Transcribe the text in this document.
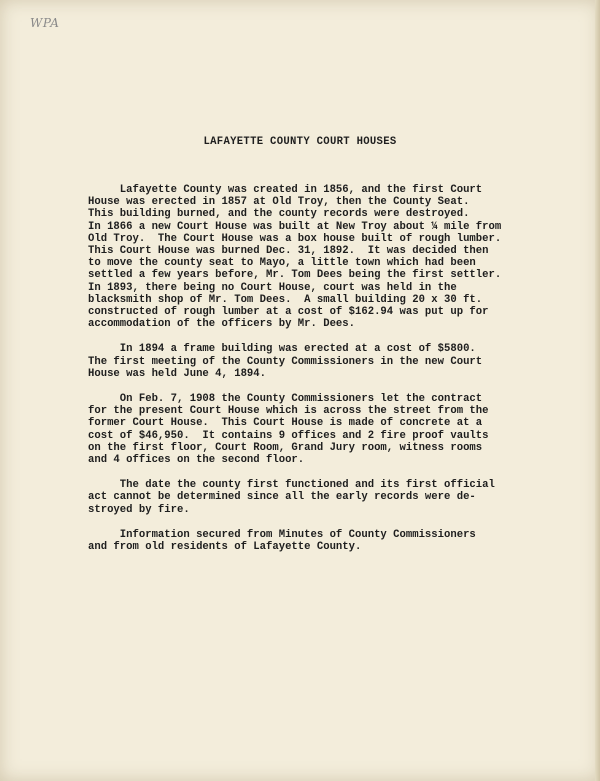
WPA
LAFAYETTE COUNTY COURT HOUSES
Lafayette County was created in 1856, and the first Court
House was erected in 1857 at Old Troy, then the County Seat.
This building burned, and the county records were destroyed.
In 1866 a new Court House was built at New Troy about ¼ mile from
Old Troy.  The Court House was a box house built of rough lumber.
This Court House was burned Dec. 31, 1892.  It was decided then
to move the county seat to Mayo, a little town which had been
settled a few years before, Mr. Tom Dees being the first settler.
In 1893, there being no Court House, court was held in the
blacksmith shop of Mr. Tom Dees.  A small building 20 x 30 ft.
constructed of rough lumber at a cost of $162.94 was put up for
accommodation of the officers by Mr. Dees.
In 1894 a frame building was erected at a cost of $5800.
The first meeting of the County Commissioners in the new Court
House was held June 4, 1894.
On Feb. 7, 1908 the County Commissioners let the contract
for the present Court House which is across the street from the
former Court House.  This Court House is made of concrete at a
cost of $46,950.  It contains 9 offices and 2 fire proof vaults
on the first floor, Court Room, Grand Jury room, witness rooms
and 4 offices on the second floor.
The date the county first functioned and its first official
act cannot be determined since all the early records were de-
stroyed by fire.
Information secured from Minutes of County Commissioners
and from old residents of Lafayette County.
